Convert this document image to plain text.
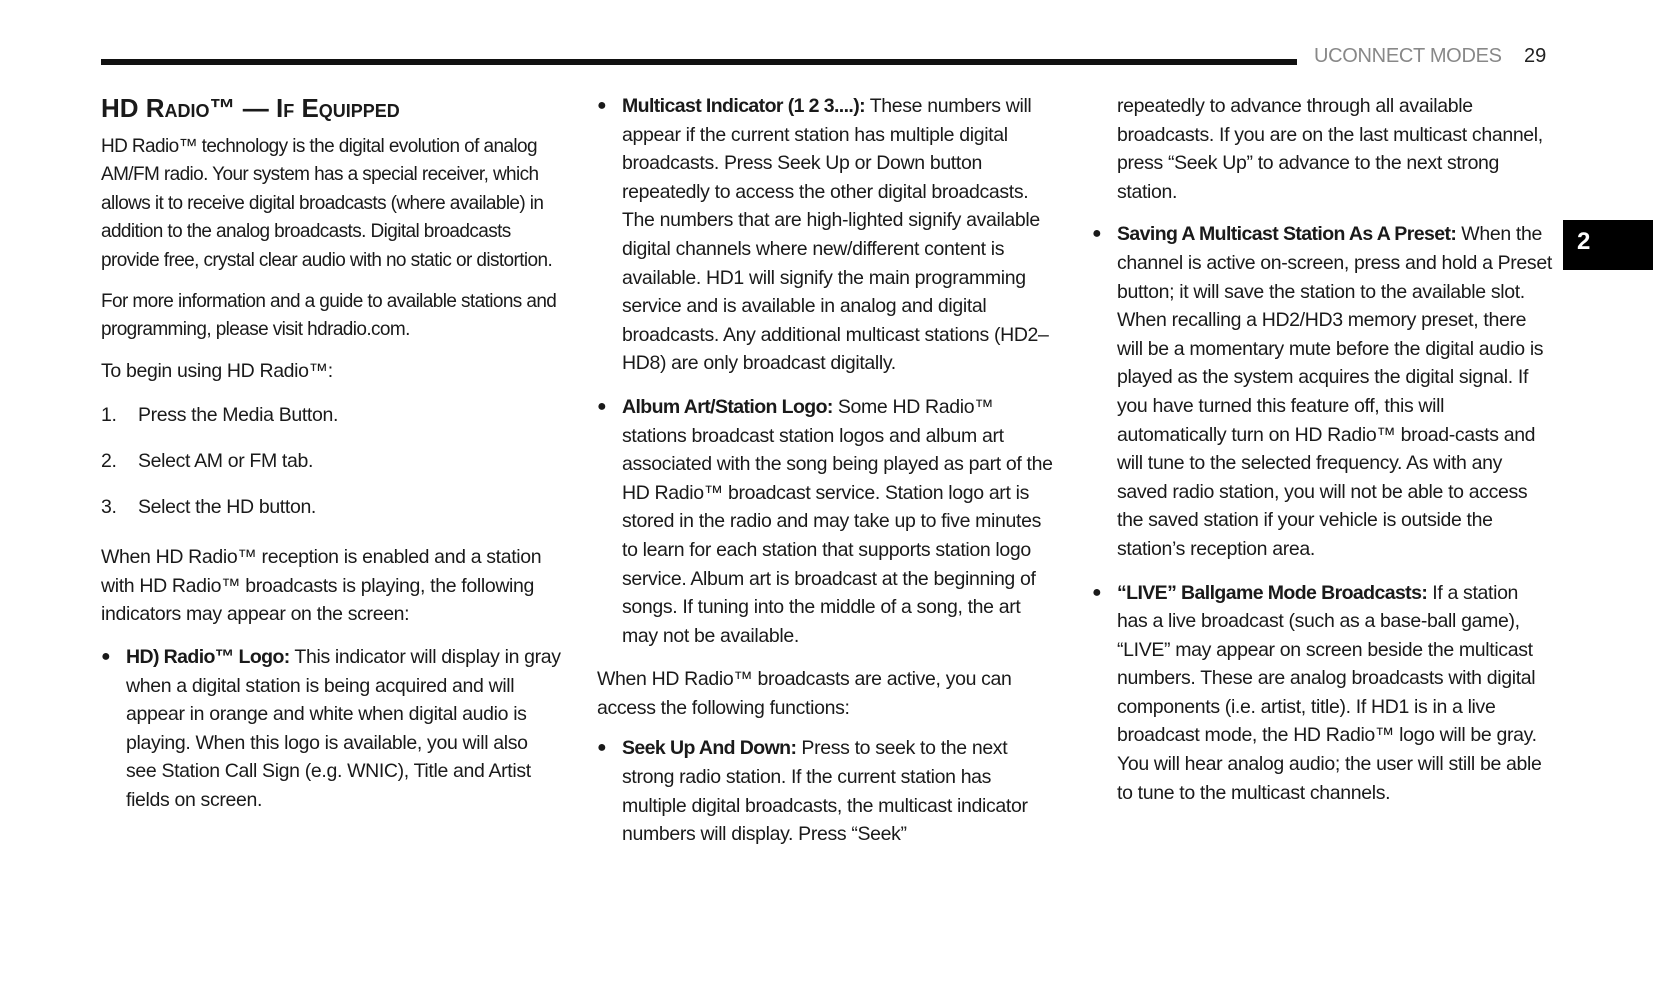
UCONNECT MODES 29
2
HD Radio™ — If Equipped

HD Radio™ technology is the digital evolution of analog AM/FM radio. Your system has a special receiver, which allows it to receive digital broadcasts (where available) in addition to the analog broadcasts. Digital broadcasts provide free, crystal clear audio with no static or distortion.

For more information and a guide to available stations and programming, please visit hdradio.com.

To begin using HD Radio™:

1.	Press the Media Button.
2.	Select AM or FM tab.
3.	Select the HD button.

When HD Radio™ reception is enabled and a station with HD Radio™ broadcasts is playing, the following indicators may appear on the screen:

● HD) Radio™ Logo: This indicator will display in gray when a digital station is being acquired and will appear in orange and white when digital audio is playing. When this logo is available, you will also see Station Call Sign (e.g. WNIC), Title and Artist fields on screen.
● Multicast Indicator (1 2 3....): These numbers will appear if the current station has multiple digital broadcasts. Press Seek Up or Down button repeatedly to access the other digital broadcasts. The numbers that are high-lighted signify available digital channels where new/different content is available. HD1 will signify the main programming service and is available in analog and digital broadcasts. Any additional multicast stations (HD2–HD8) are only broadcast digitally.
● Album Art/Station Logo: Some HD Radio™ stations broadcast station logos and album art associated with the song being played as part of the HD Radio™ broadcast service. Station logo art is stored in the radio and may take up to five minutes to learn for each station that supports station logo service. Album art is broadcast at the beginning of songs. If tuning into the middle of a song, the art may not be available.

When HD Radio™ broadcasts are active, you can access the following functions:

● Seek Up And Down: Press to seek to the next strong radio station. If the current station has multiple digital broadcasts, the multicast indicator numbers will display. Press “Seek”
repeatedly to advance through all available broadcasts. If you are on the last multicast channel, press “Seek Up” to advance to the next strong station.
● Saving A Multicast Station As A Preset: When the channel is active on-screen, press and hold a Preset button; it will save the station to the available slot. When recalling a HD2/HD3 memory preset, there will be a momentary mute before the digital audio is played as the system acquires the digital signal. If you have turned this feature off, this will automatically turn on HD Radio™ broad-casts and will tune to the selected frequency. As with any saved radio station, you will not be able to access the saved station if your vehicle is outside the station’s reception area.
● “LIVE” Ballgame Mode Broadcasts: If a station has a live broadcast (such as a base-ball game), “LIVE” may appear on screen beside the multicast numbers. These are analog broadcasts with digital components (i.e. artist, title). If HD1 is in a live broadcast mode, the HD Radio™ logo will be gray. You will hear analog audio; the user will still be able to tune to the multicast channels.
